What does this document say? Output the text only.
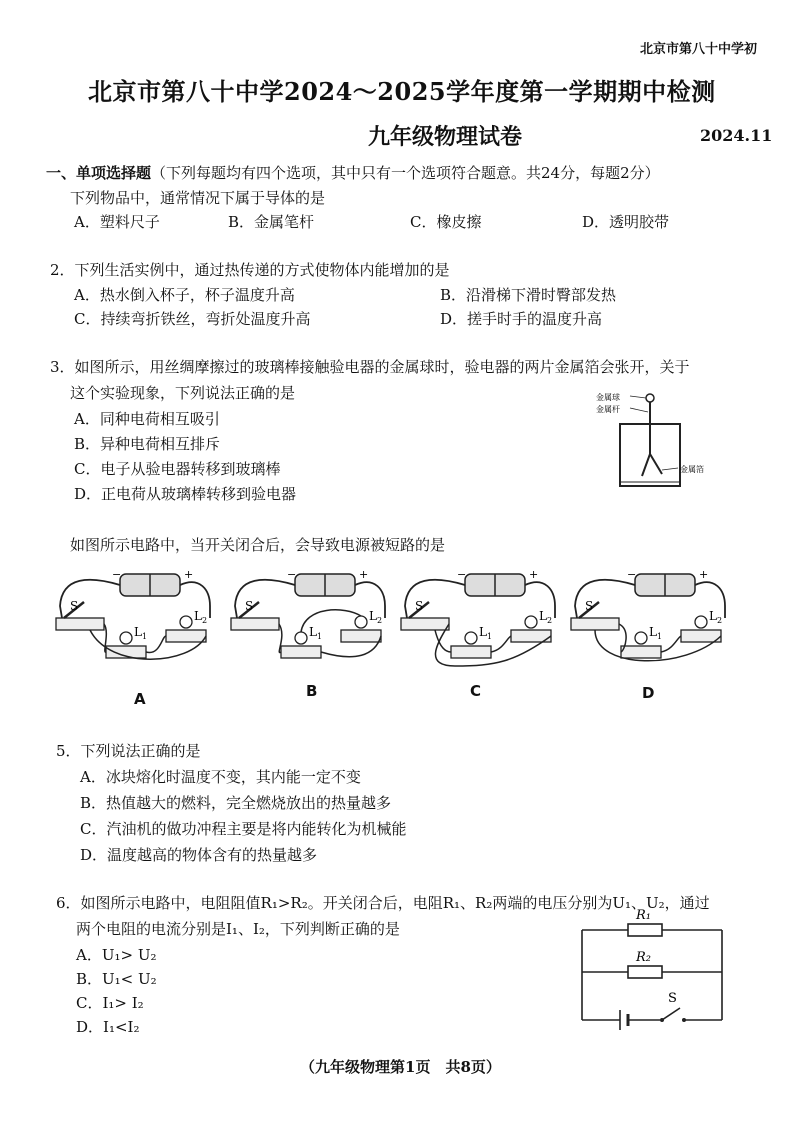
北京市第八十中学初
北京市第八十中学2024～2025学年度第一学期期中检测
九年级物理试卷	2024.11
一、单项选择题（下列每题均有四个选项，其中只有一个选项符合题意。共24分，每题2分）
下列物品中，通常情况下属于导体的是
A．塑料尺子	B．金属笔杆	C．橡皮擦	D．透明胶带
2．下列生活实例中，通过热传递的方式使物体内能增加的是
A．热水倒入杯子，杯子温度升高	B．沿滑梯下滑时臀部发热
C．持续弯折铁丝，弯折处温度升高	D．搓手时手的温度升高
3．如图所示，用丝绸摩擦过的玻璃棒接触验电器的金属球时，验电器的两片金属箔会张开，关于
这个实验现象，下列说法正确的是
A．同种电荷相互吸引
B．异种电荷相互排斥
C．电子从验电器转移到玻璃棒
D．正电荷从玻璃棒转移到验电器
金属球
金属杆
金属箔
如图所示电路中，当开关闭合后，会导致电源被短路的是
−	+
S
$L_1$
$L_2$
−	+
S
$L_1$
$L_2$
−	+
S
$L_1$
$L_2$
−	+
S
$L_1$
$L_2$
A	B	C	D
5．下列说法正确的是
A．冰块熔化时温度不变，其内能一定不变
B．热值越大的燃料，完全燃烧放出的热量越多
C．汽油机的做功冲程主要是将内能转化为机械能
D．温度越高的物体含有的热量越多
6．如图所示电路中，电阻阻值R₁>R₂。开关闭合后，电阻R₁、R₂两端的电压分别为U₁、U₂，通过
两个电阻的电流分别是I₁、I₂，下列判断正确的是
A．U₁> U₂
B．U₁< U₂
C．I₁> I₂
D．I₁<I₂
R₁
R₂
S
（九年级物理第1页　共8页）
